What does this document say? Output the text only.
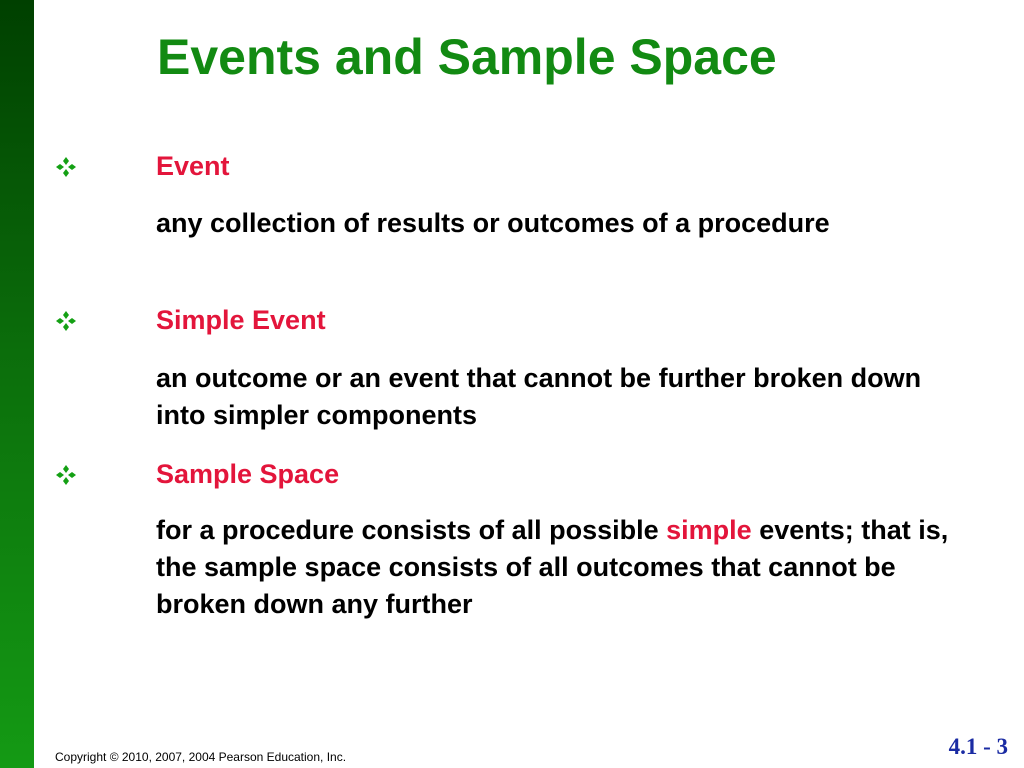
Events and Sample Space
Event

any collection of results or outcomes of a procedure

Simple Event

an outcome or an event that cannot be further broken down into simpler components

Sample Space

for a procedure consists of all possible simple events; that is, the sample space consists of all outcomes that cannot be broken down any further

Copyright © 2010, 2007, 2004 Pearson Education, Inc.	4.1 - 3
